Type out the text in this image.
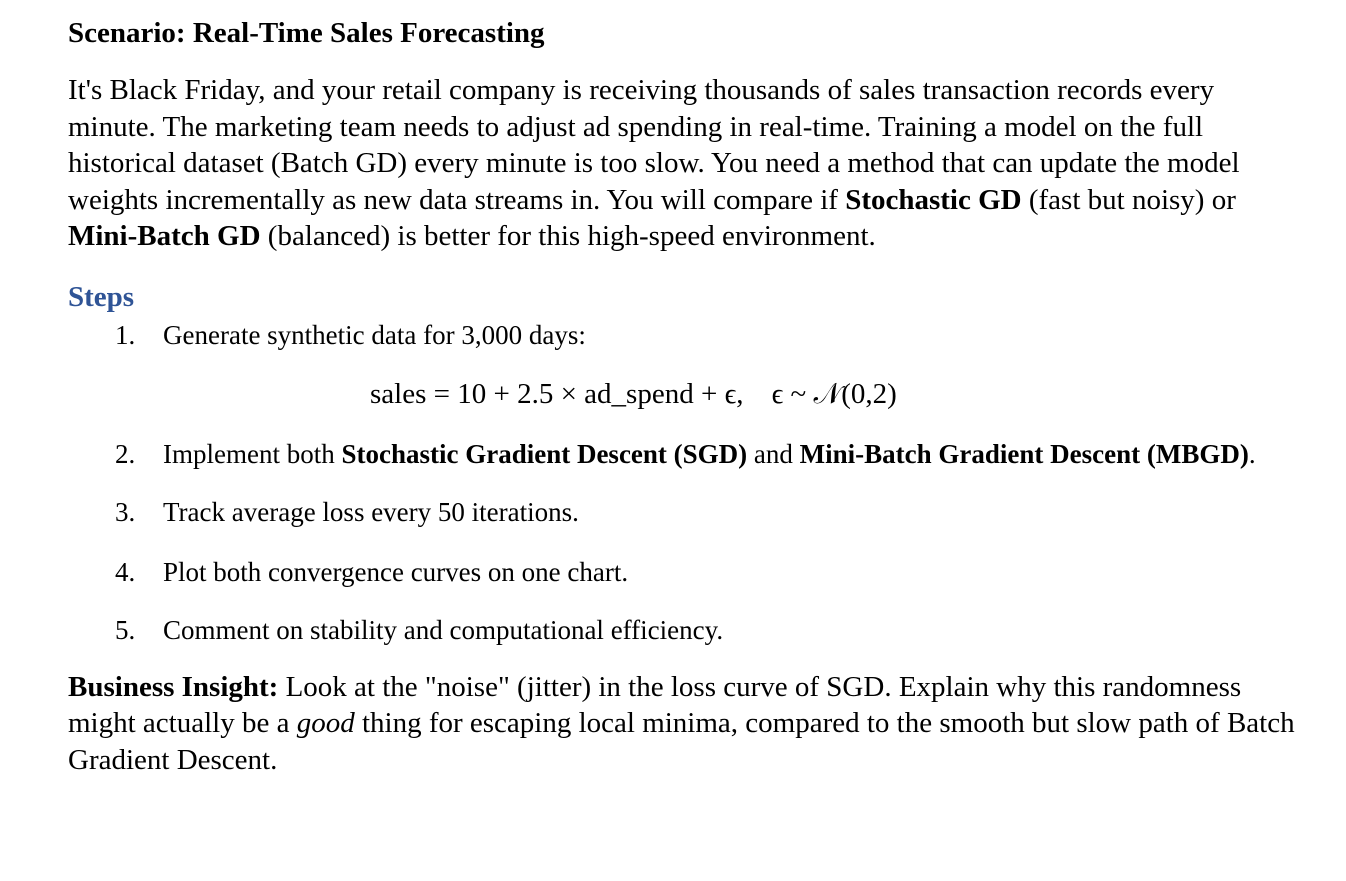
Scenario: Real-Time Sales Forecasting

It's Black Friday, and your retail company is receiving thousands of sales transaction records every minute. The marketing team needs to adjust ad spending in real-time. Training a model on the full historical dataset (Batch GD) every minute is too slow. You need a method that can update the model weights incrementally as new data streams in. You will compare if Stochastic GD (fast but noisy) or Mini-Batch GD (balanced) is better for this high-speed environment.

Steps
1. Generate synthetic data for 3,000 days:
sales = 10 + 2.5 × ad_spend + ϵ, ϵ ~ 𝒩(0,2)
2. Implement both Stochastic Gradient Descent (SGD) and Mini-Batch Gradient Descent (MBGD).
3. Track average loss every 50 iterations.
4. Plot both convergence curves on one chart.
5. Comment on stability and computational efficiency.

Business Insight: Look at the "noise" (jitter) in the loss curve of SGD. Explain why this randomness might actually be a good thing for escaping local minima, compared to the smooth but slow path of Batch Gradient Descent.
